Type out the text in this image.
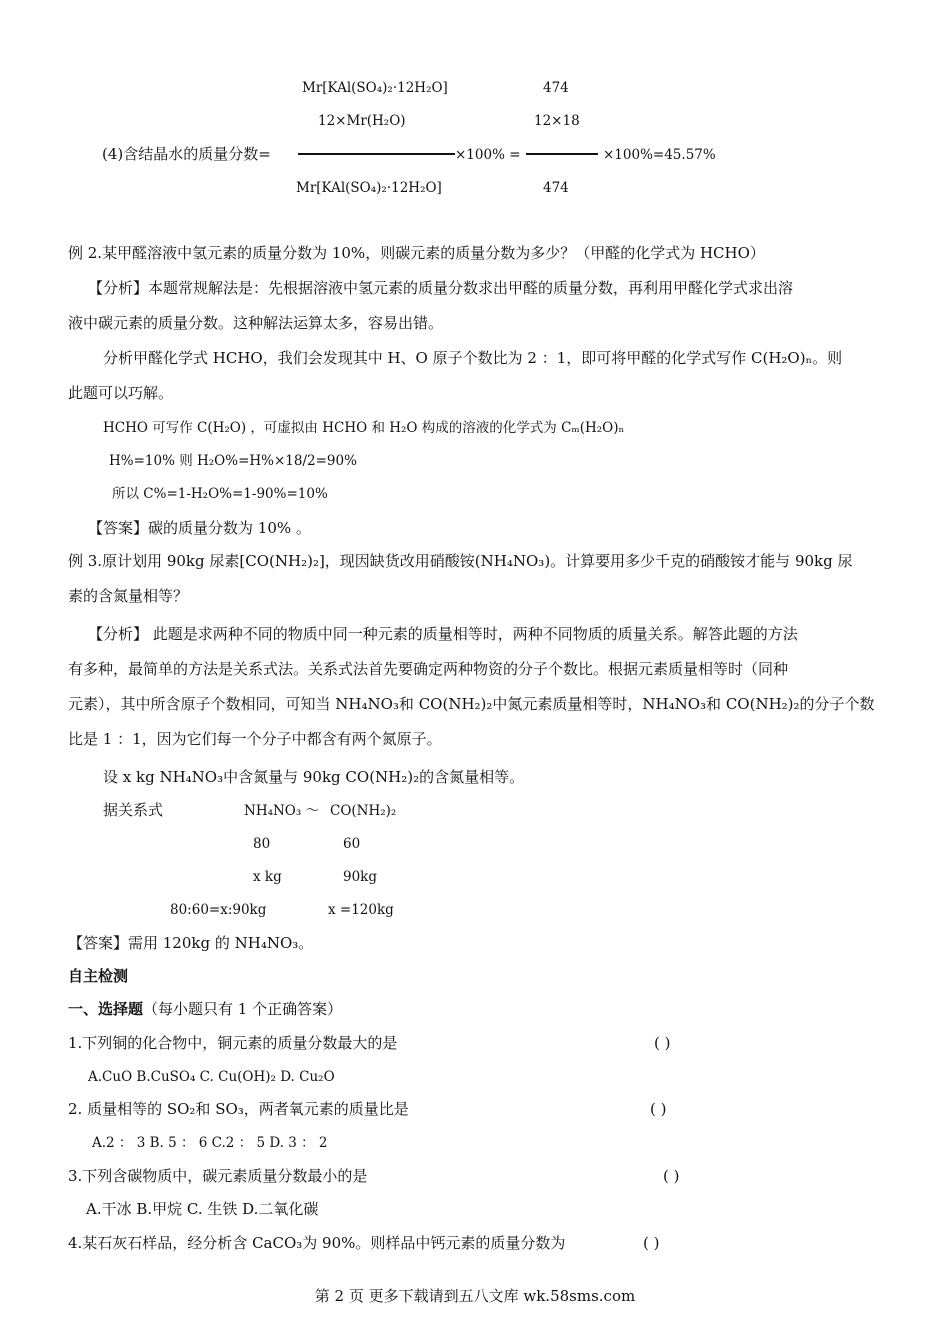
Mr[KAl(SO₄)₂·12H₂O]	474
12×Mr(H₂O)	12×18
(4)含结晶水的质量分数=	×100% =	×100%=45.57%
Mr[KAl(SO₄)₂·12H₂O]	474
例 2.某甲醛溶液中氢元素的质量分数为 10%，则碳元素的质量分数为多少？（甲醛的化学式为 HCHO）
【分析】本题常规解法是：先根据溶液中氢元素的质量分数求出甲醛的质量分数，再利用甲醛化学式求出溶
液中碳元素的质量分数。这种解法运算太多，容易出错。
分析甲醛化学式 HCHO，我们会发现其中 H、O 原子个数比为 2 ：1，即可将甲醛的化学式写作 C(H₂O)ₙ。则
此题可以巧解。
HCHO 可写作 C(H₂O) ，可虚拟由 HCHO 和 H₂O 构成的溶液的化学式为 Cₘ(H₂O)ₙ
H%=10% 则 H₂O%=H%×18/2=90%
所以 C%=1-H₂O%=1-90%=10%
【答案】碳的质量分数为 10% 。
例 3.原计划用 90kg 尿素[CO(NH₂)₂]，现因缺货改用硝酸铵(NH₄NO₃)。计算要用多少千克的硝酸铵才能与 90kg 尿
素的含氮量相等？
【分析】 此题是求两种不同的物质中同一种元素的质量相等时，两种不同物质的质量关系。解答此题的方法
有多种，最简单的方法是关系式法。关系式法首先要确定两种物资的分子个数比。根据元素质量相等时（同种
元素），其中所含原子个数相同，可知当 NH₄NO₃和 CO(NH₂)₂中氮元素质量相等时，NH₄NO₃和 CO(NH₂)₂的分子个数
比是 1 ：1，因为它们每一个分子中都含有两个氮原子。
设 x kg NH₄NO₃中含氮量与 90kg CO(NH₂)₂的含氮量相等。
据关系式	NH₄NO₃ ～ CO(NH₂)₂
80	60
x kg	90kg
80:60=x:90kg	x =120kg
【答案】需用 120kg 的 NH₄NO₃。
自主检测
一、选择题（每小题只有 1 个正确答案）
1.下列铜的化合物中，铜元素的质量分数最大的是	( )
A.CuO B.CuSO₄ C. Cu(OH)₂ D. Cu₂O
2. 质量相等的 SO₂和 SO₃，两者氧元素的质量比是	( )
A.2 ： 3 B. 5 ： 6 C.2 ： 5 D. 3 ： 2
3.下列含碳物质中，碳元素质量分数最小的是	( )
A.干冰 B.甲烷 C. 生铁 D.二氧化碳
4.某石灰石样品，经分析含 CaCO₃为 90%。则样品中钙元素的质量分数为	( )
第 2 页 更多下载请到五八文库 wk.58sms.com
